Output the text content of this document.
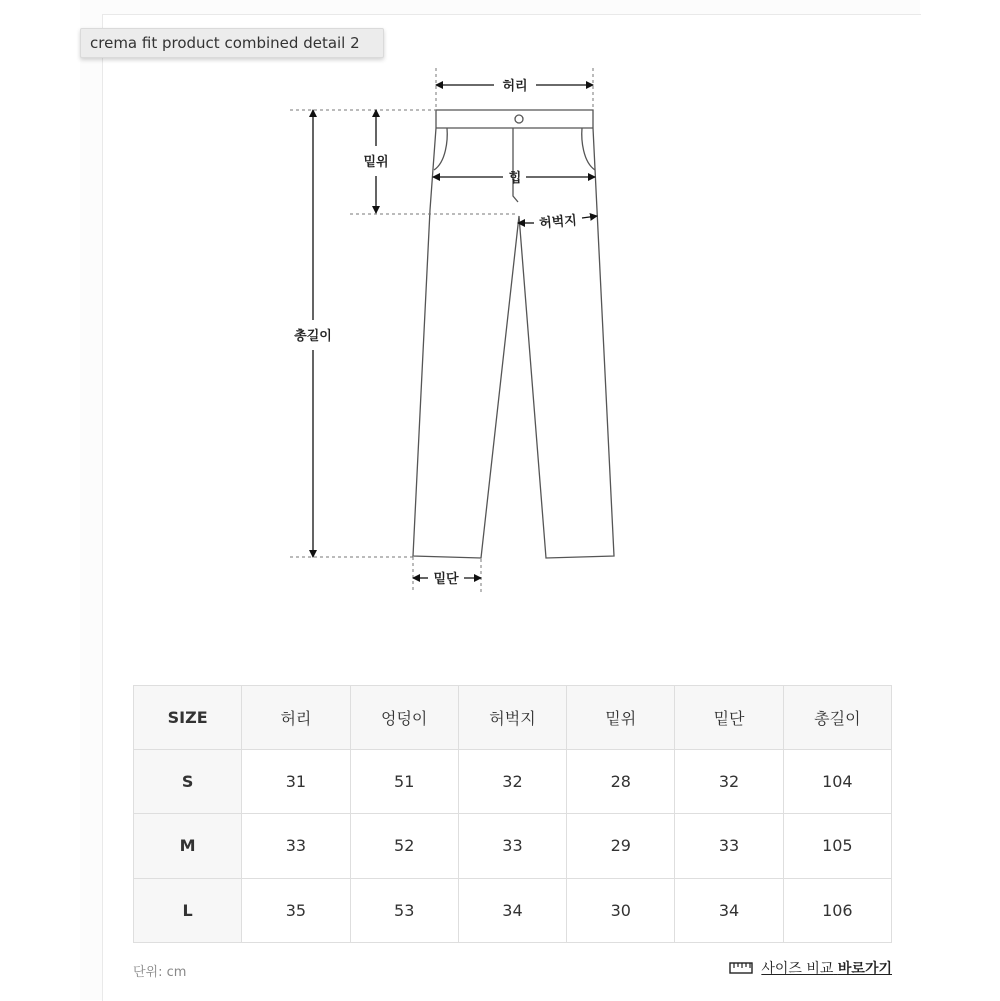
허리
밑위
힙
허벅지
총길이
밑단
SIZE	허리	엉덩이	허벅지	밑위	밑단	총길이
S	31	51	32	28	32	104
M	33	52	33	29	33	105
L	35	53	34	30	34	106
단위: cm	사이즈 비교 바로가기
crema fit product combined detail 2
